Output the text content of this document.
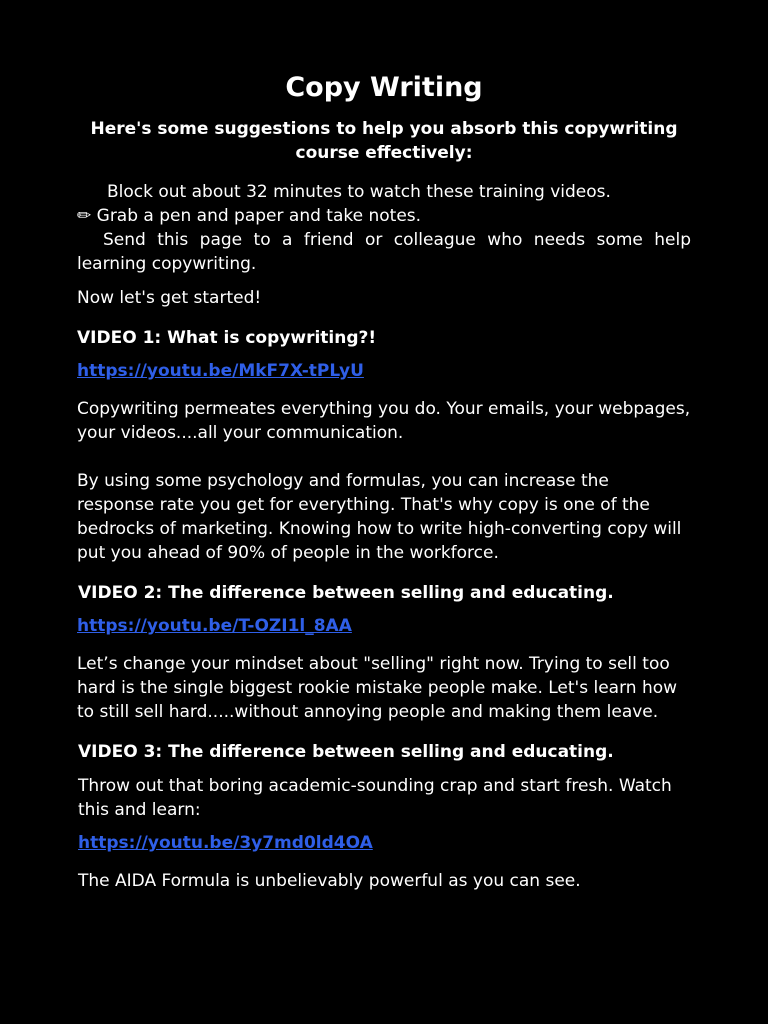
Copy Writing
Here's some suggestions to help you absorb this copywriting course effectively:
Block out about 32 minutes to watch these training videos.
✏ Grab a pen and paper and take notes.
Send this page to a friend or colleague who needs some help learning copywriting.

Now let's get started!

VIDEO 1: What is copywriting?!
https://youtu.be/MkF7X-tPLyU

Copywriting permeates everything you do. Your emails, your webpages, your videos....all your communication.

By using some psychology and formulas, you can increase the response rate you get for everything. That's why copy is one of the bedrocks of marketing. Knowing how to write high-converting copy will put you ahead of 90% of people in the workforce.

VIDEO 2: The difference between selling and educating.
https://youtu.be/T-OZI1l_8AA

Let’s change your mindset about "selling" right now. Trying to sell too hard is the single biggest rookie mistake people make. Let's learn how to still sell hard.....without annoying people and making them leave.

VIDEO 3: The difference between selling and educating.

Throw out that boring academic-sounding crap and start fresh. Watch this and learn:

https://youtu.be/3y7md0ld4OA

The AIDA Formula is unbelievably powerful as you can see.
